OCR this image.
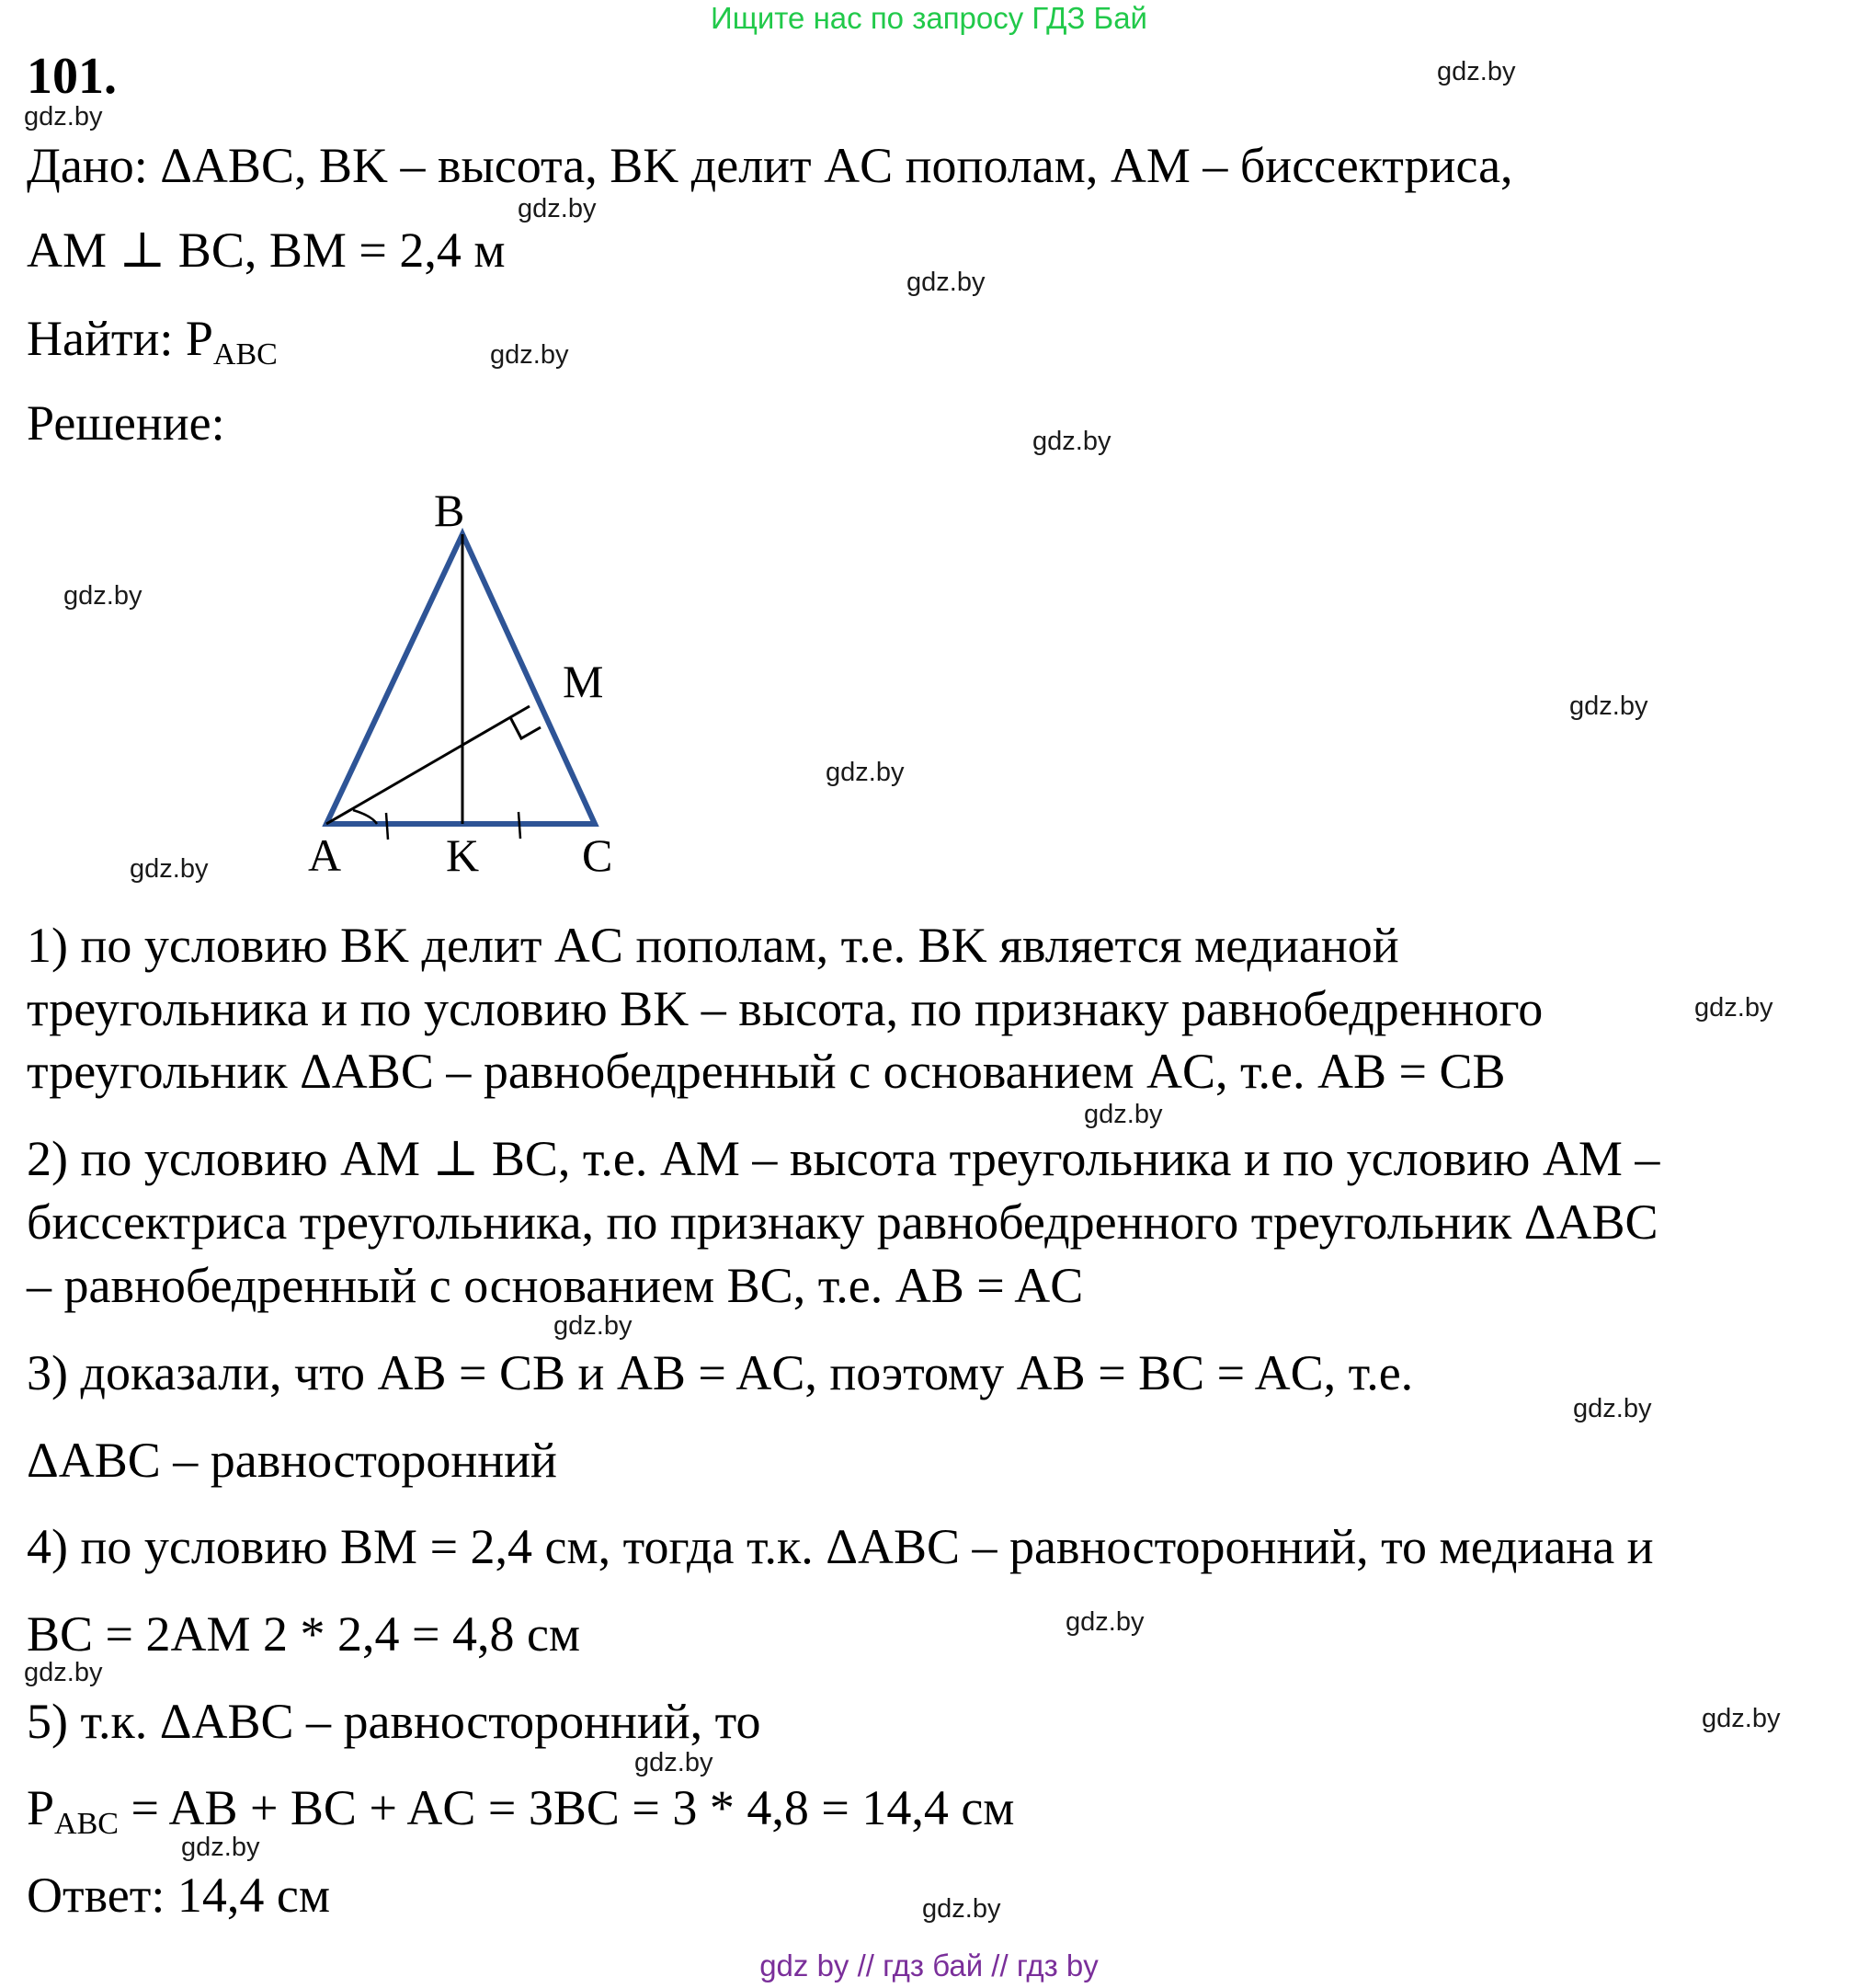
Ищите нас по запросу ГДЗ Бай
101.
Дано: ΔABC, BK – высота, BK делит AC пополам, AM – биссектриса,
AM ⊥ BC, BM = 2,4 м
Найти: PABC
Решение:
B
M
A K C
1) по условию BK делит AC пополам, т.е. BK является медианой
треугольника и по условию BK – высота, по признаку равнобедренного
треугольник ΔABC – равнобедренный с основанием AC, т.е. AB = CB
2) по условию AM ⊥ BC, т.е. AM – высота треугольника и по условию AM –
биссектриса треугольника, по признаку равнобедренного треугольник ΔABC
– равнобедренный с основанием BC, т.е. AB = AC
3) доказали, что AB = CB и AB = AC, поэтому AB = BC = AC, т.е.
ΔABC – равносторонний
4) по условию BM = 2,4 см, тогда т.к. ΔABC – равносторонний, то медиана и
BC = 2AM 2 * 2,4 = 4,8 см
5) т.к. ΔABC – равносторонний, то
PABC = AB + BC + AC = 3BC = 3 * 4,8 = 14,4 см
Ответ: 14,4 см
gdz.by
gdz.by
gdz.by
gdz.by
gdz.by
gdz.by
gdz.by
gdz.by
gdz.by
gdz.by
gdz.by
gdz.by
gdz.by
gdz.by
gdz.by
gdz.by
gdz.by
gdz.by
gdz.by
gdz.by
gdz by // гдз бай // гдз by
